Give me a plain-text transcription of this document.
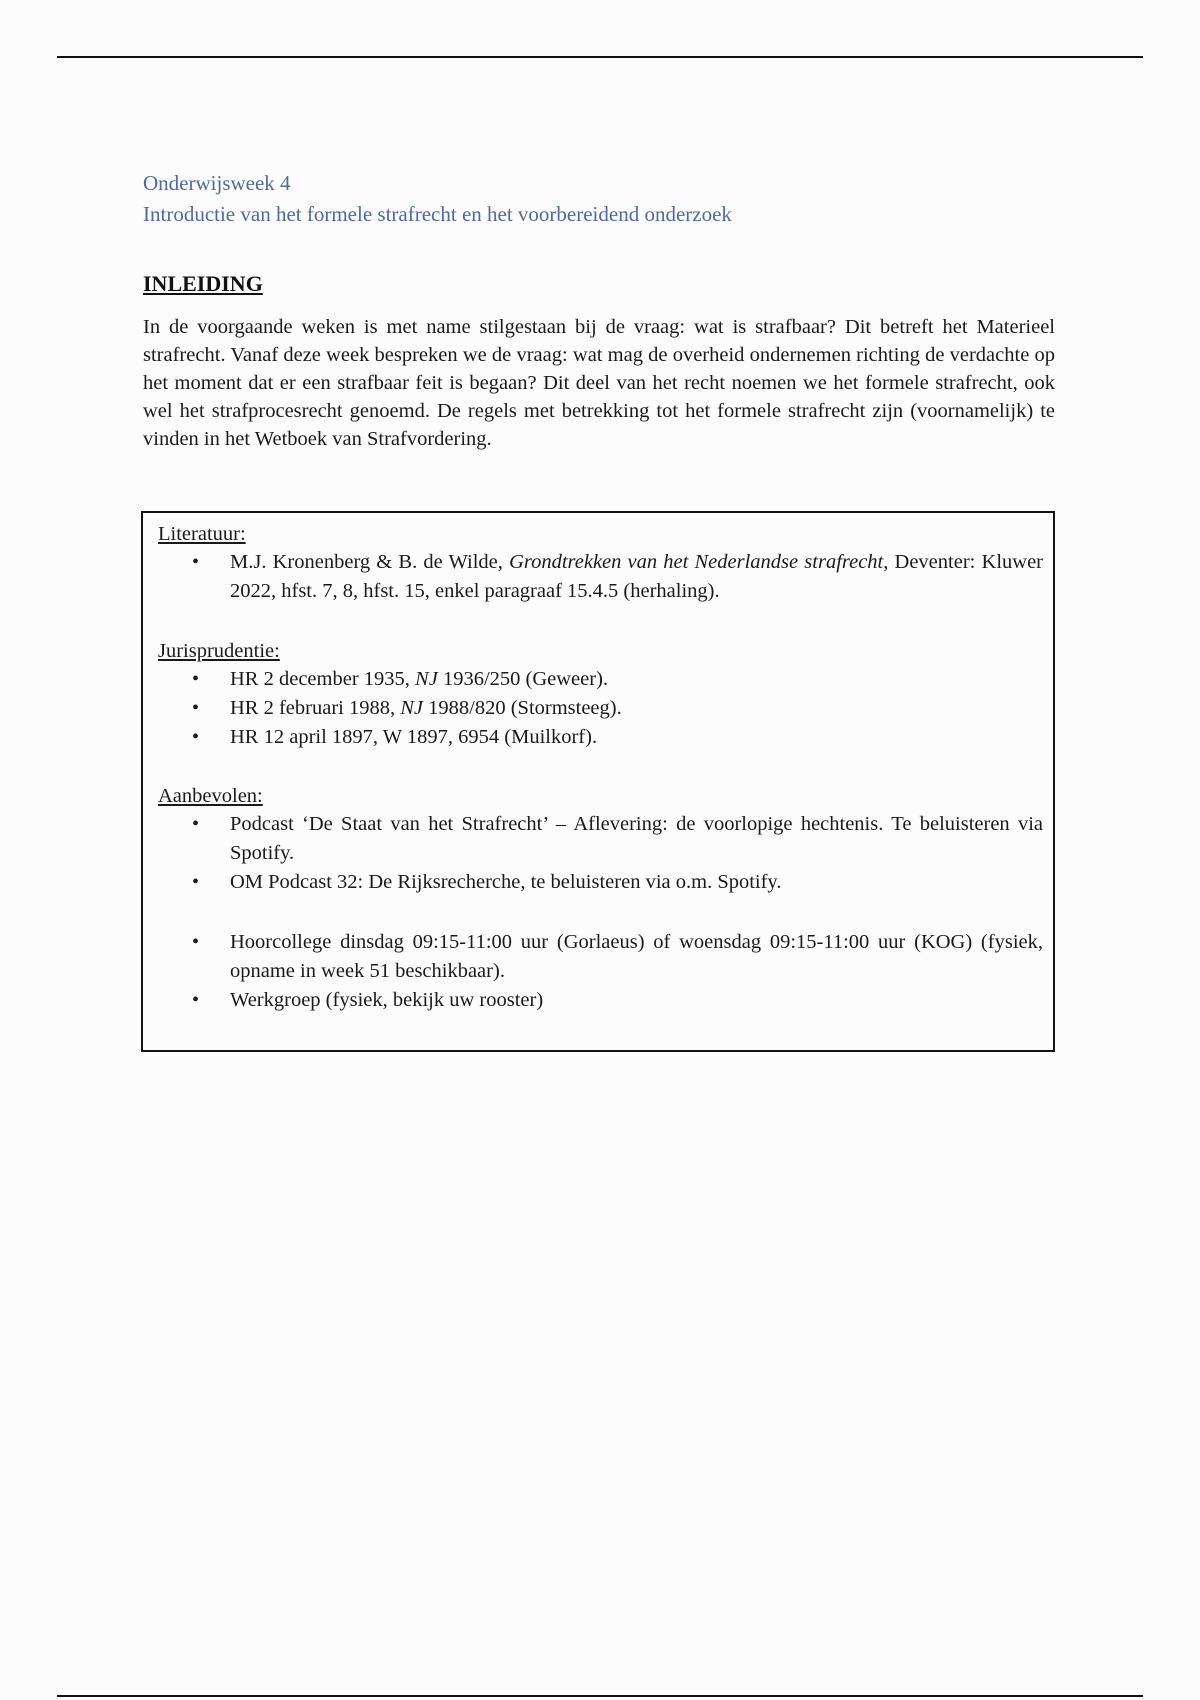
Onderwijsweek 4
Introductie van het formele strafrecht en het voorbereidend onderzoek
INLEIDING

In de voorgaande weken is met name stilgestaan bij de vraag: wat is strafbaar? Dit betreft het Materieel strafrecht. Vanaf deze week bespreken we de vraag: wat mag de overheid ondernemen richting de verdachte op het moment dat er een strafbaar feit is begaan? Dit deel van het recht noemen we het formele strafrecht, ook wel het strafprocesrecht genoemd. De regels met betrekking tot het formele strafrecht zijn (voornamelijk) te vinden in het Wetboek van Strafvordering.

Literatuur:
• M.J. Kronenberg & B. de Wilde, Grondtrekken van het Nederlandse strafrecht, Deventer: Kluwer 2022, hfst. 7, 8, hfst. 15, enkel paragraaf 15.4.5 (herhaling).
Jurisprudentie:
• HR 2 december 1935, NJ 1936/250 (Geweer).
• HR 2 februari 1988, NJ 1988/820 (Stormsteeg).
• HR 12 april 1897, W 1897, 6954 (Muilkorf).
Aanbevolen:
• Podcast ‘De Staat van het Strafrecht’ – Aflevering: de voorlopige hechtenis. Te beluisteren via Spotify.
• OM Podcast 32: De Rijksrecherche, te beluisteren via o.m. Spotify.
• Hoorcollege dinsdag 09:15-11:00 uur (Gorlaeus) of woensdag 09:15-11:00 uur (KOG) (fysiek, opname in week 51 beschikbaar).
• Werkgroep (fysiek, bekijk uw rooster)
